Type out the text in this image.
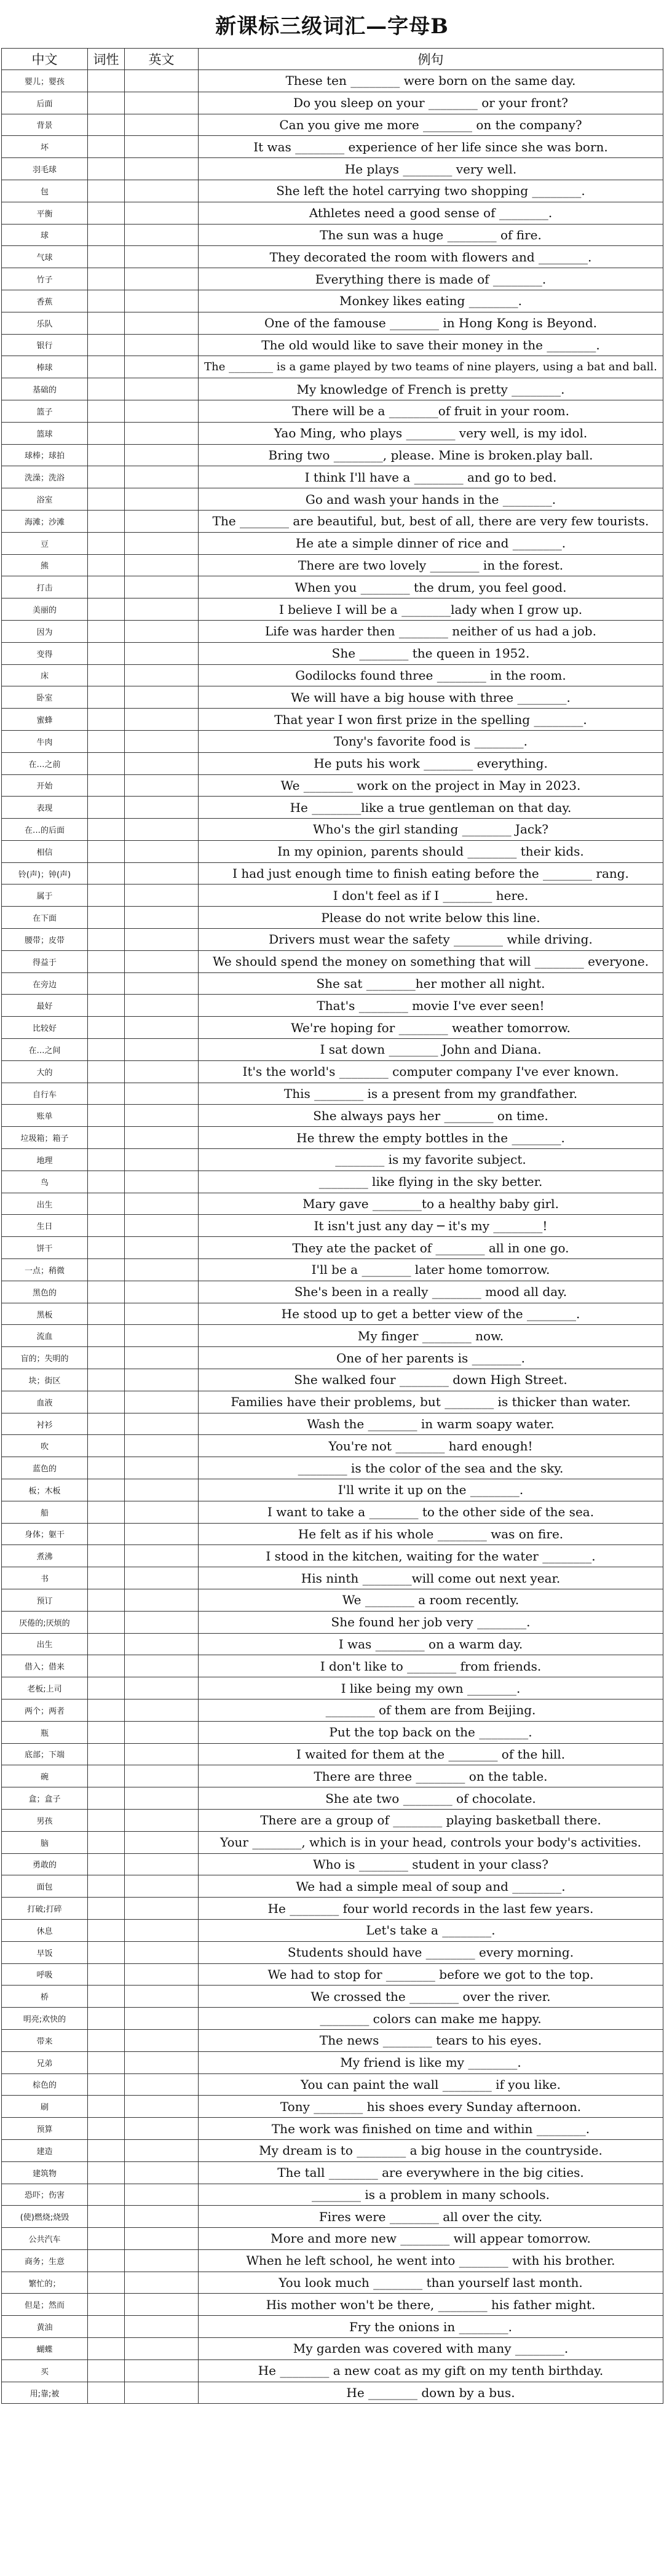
新课标三级词汇—字母B
中文	词性	英文	例句
婴儿；婴孩			These ten ________ were born on the same day.
后面			Do you sleep on your ________ or your front?
背景			Can you give me more ________ on the company?
坏			It was ________ experience of her life since she was born.
羽毛球			He plays ________ very well.
包			She left the hotel carrying two shopping ________.
平衡			Athletes need a good sense of ________.
球			The sun was a huge ________ of fire.
气球			They decorated the room with flowers and ________.
竹子			Everything there is made of ________.
香蕉			Monkey likes eating ________.
乐队			One of the famouse ________ in Hong Kong is Beyond.
银行			The old would like to save their money in the ________.
棒球			The ________ is a game played by two teams of nine players, using a bat and ball.
基础的			My knowledge of French is pretty ________.
篮子			There will be a ________of fruit in your room.
篮球			Yao Ming, who plays ________ very well, is my idol.
球棒；球拍			Bring two ________, please. Mine is broken.play ball.
洗澡；洗浴			I think I'll have a ________ and go to bed.
浴室			Go and wash your hands in the ________.
海滩；沙滩			The ________ are beautiful, but, best of all, there are very few tourists.
豆			He ate a simple dinner of rice and ________.
熊			There are two lovely ________ in the forest.
打击			When you ________ the drum, you feel good.
美丽的			I believe I will be a ________lady when I grow up.
因为			Life was harder then ________ neither of us had a job.
变得			She ________ the queen in 1952.
床			Godilocks found three ________ in the room.
卧室			We will have a big house with three ________.
蜜蜂			That year I won first prize in the spelling ________.
牛肉			Tony's favorite food is ________.
在…之前			He puts his work ________ everything.
开始			We ________ work on the project in May in 2023.
表现			He ________like a true gentleman on that day.
在…的后面			Who's the girl standing ________ Jack?
相信			In my opinion, parents should ________ their kids.
铃(声)；钟(声)			I had just enough time to finish eating before the ________ rang.
属于			I don't feel as if I ________ here.
在下面			Please do not write below this line.
腰带；皮带			Drivers must wear the safety ________ while driving.
得益于			We should spend the money on something that will ________ everyone.
在旁边			She sat ________her mother all night.
最好			That's ________ movie I've ever seen!
比较好			We're hoping for ________ weather tomorrow.
在…之间			I sat down ________ John and Diana.
大的			It's the world's ________ computer company I've ever known.
自行车			This ________ is a present from my grandfather.
账单			She always pays her ________ on time.
垃圾箱；箱子			He threw the empty bottles in the ________.
地理			________ is my favorite subject.
鸟			________ like flying in the sky better.
出生			Mary gave ________to a healthy baby girl.
生日			It isn't just any day ─ it's my ________!
饼干			They ate the packet of ________ all in one go.
一点；稍微			I'll be a ________ later home tomorrow.
黑色的			She's been in a really ________ mood all day.
黑板			He stood up to get a better view of the ________.
流血			My finger ________ now.
盲的；失明的			One of her parents is ________.
块；街区			She walked four ________ down High Street.
血液			Families have their problems, but ________ is thicker than water.
衬衫			Wash the ________ in warm soapy water.
吹			You're not ________ hard enough!
蓝色的			________ is the color of the sea and the sky.
板；木板			I'll write it up on the ________.
船			I want to take a ________ to the other side of the sea.
身体；躯干			He felt as if his whole ________ was on fire.
煮沸			I stood in the kitchen, waiting for the water ________.
书			His ninth ________will come out next year.
预订			We ________ a room recently.
厌倦的;厌烦的			She found her job very ________.
出生			I was ________ on a warm day.
借入；借来			I don't like to ________ from friends.
老板;上司			I like being my own ________.
两个；两者			________ of them are from Beijing.
瓶			Put the top back on the ________.
底部；下端			I waited for them at the ________ of the hill.
碗			There are three ________ on the table.
盒；盒子			She ate two ________ of chocolate.
男孩			There are a group of ________ playing basketball there.
脑			Your ________, which is in your head, controls your body's activities.
勇敢的			Who is ________ student in your class?
面包			We had a simple meal of soup and ________.
打破;打碎			He ________ four world records in the last few years.
休息			Let's take a ________.
早饭			Students should have ________ every morning.
呼吸			We had to stop for ________ before we got to the top.
桥			We crossed the ________ over the river.
明亮;欢快的			________ colors can make me happy.
带来			The news ________ tears to his eyes.
兄弟			My friend is like my ________.
棕色的			You can paint the wall ________ if you like.
刷			Tony ________ his shoes every Sunday afternoon.
预算			The work was finished on time and within ________.
建造			My dream is to ________ a big house in the countryside.
建筑物			The tall ________ are everywhere in the big cities.
恐吓；伤害			________ is a problem in many schools.
(使)燃烧;烧毁			Fires were ________ all over the city.
公共汽车			More and more new ________ will appear tomorrow.
商务；生意			When he left school, he went into ________ with his brother.
繁忙的；			You look much ________ than yourself last month.
但是；然而			His mother won't be there, ________ his father might.
黄油			Fry the onions in ________.
蝴蝶			My garden was covered with many ________.
买			He ________ a new coat as my gift on my tenth birthday.
用;靠;被			He ________ down by a bus.
